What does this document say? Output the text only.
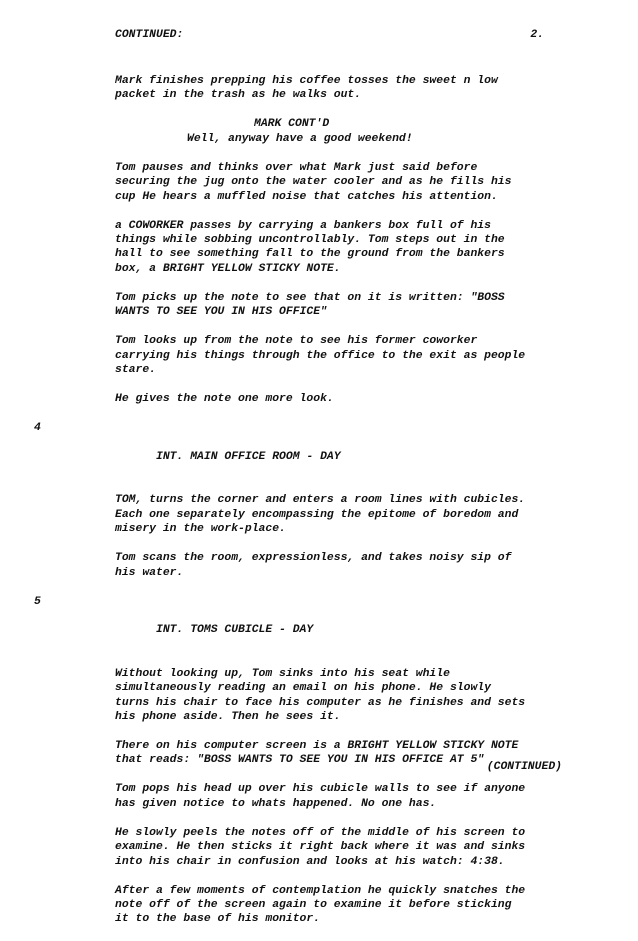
CONTINUED:	2.

Mark finishes prepping his coffee tosses the sweet n low
packet in the trash as he walks out.

MARK CONT'D

Well, anyway have a good weekend!

Tom pauses and thinks over what Mark just said before
securing the jug onto the water cooler and as he fills his
cup He hears a muffled noise that catches his attention.

a COWORKER passes by carrying a bankers box full of his
things while sobbing uncontrollably. Tom steps out in the
hall to see something fall to the ground from the bankers
box, a BRIGHT YELLOW STICKY NOTE.

Tom picks up the note to see that on it is written: "BOSS
WANTS TO SEE YOU IN HIS OFFICE"

Tom looks up from the note to see his former coworker
carrying his things through the office to the exit as people
stare.

He gives the note one more look.

4

INT. MAIN OFFICE ROOM - DAY

TOM, turns the corner and enters a room lines with cubicles.
Each one separately encompassing the epitome of boredom and
misery in the work-place.

Tom scans the room, expressionless, and takes noisy sip of
his water.

5

INT. TOMS CUBICLE - DAY

Without looking up, Tom sinks into his seat while
simultaneously reading an email on his phone. He slowly
turns his chair to face his computer as he finishes and sets
his phone aside. Then he sees it.

There on his computer screen is a BRIGHT YELLOW STICKY NOTE
that reads: "BOSS WANTS TO SEE YOU IN HIS OFFICE AT 5"

Tom pops his head up over his cubicle walls to see if anyone
has given notice to whats happened. No one has.

He slowly peels the notes off of the middle of his screen to
examine. He then sticks it right back where it was and sinks
into his chair in confusion and looks at his watch: 4:38.

After a few moments of contemplation he quickly snatches the
note off of the screen again to examine it before sticking
it to the base of his monitor.

(CONTINUED)
